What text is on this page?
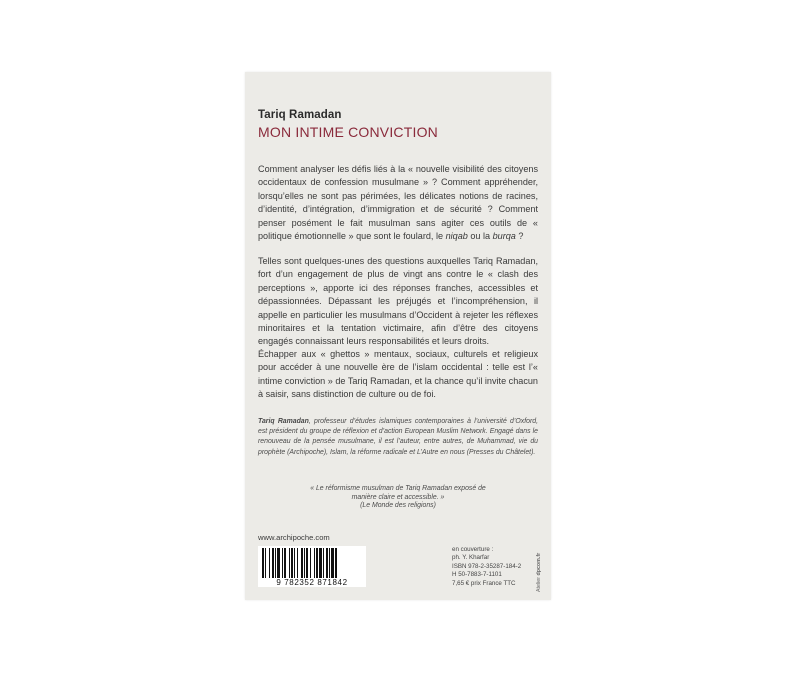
Tariq Ramadan
MON INTIME CONVICTION

Comment analyser les défis liés à la « nouvelle visibilité des citoyens occidentaux de confession musulmane » ? Comment appréhender, lorsqu’elles ne sont pas périmées, les délicates notions de racines, d’identité, d’intégration, d’immigration et de sécurité ? Comment penser posément le fait musulman sans agiter ces outils de « politique émotionnelle » que sont le foulard, le niqab ou la burqa ?

Telles sont quelques-unes des questions auxquelles Tariq Ramadan, fort d’un engagement de plus de vingt ans contre le « clash des perceptions », apporte ici des réponses franches, accessibles et dépassionnées. Dépassant les préjugés et l’incompréhension, il appelle en particulier les musulmans d’Occident à rejeter les réflexes minoritaires et la tentation victimaire, afin d’être des citoyens engagés connaissant leurs responsabilités et leurs droits.

Échapper aux « ghettos » mentaux, sociaux, culturels et religieux pour accéder à une nouvelle ère de l’islam occidental : telle est l’« intime conviction » de Tariq Ramadan, et la chance qu’il invite chacun à saisir, sans distinction de culture ou de foi.

Tariq Ramadan, professeur d’études islamiques contemporaines à l’université d’Oxford, est président du groupe de réflexion et d’action European Muslim Network. Engagé dans le renouveau de la pensée musulmane, il est l’auteur, entre autres, de Muhammad, vie du prophète (Archipoche), Islam, la réforme radicale et L’Autre en nous (Presses du Châtelet).

« Le réformisme musulman de Tariq Ramadan exposé de manière claire et accessible. »
(Le Monde des religions)
www.archipoche.com
9 782352 871842
en couverture :
ph. Y. Kharfar
ISBN 978-2-35287-184-2
H 50-7883-7-1101
7,65 € prix France TTC	Atelier dpcom.fr
